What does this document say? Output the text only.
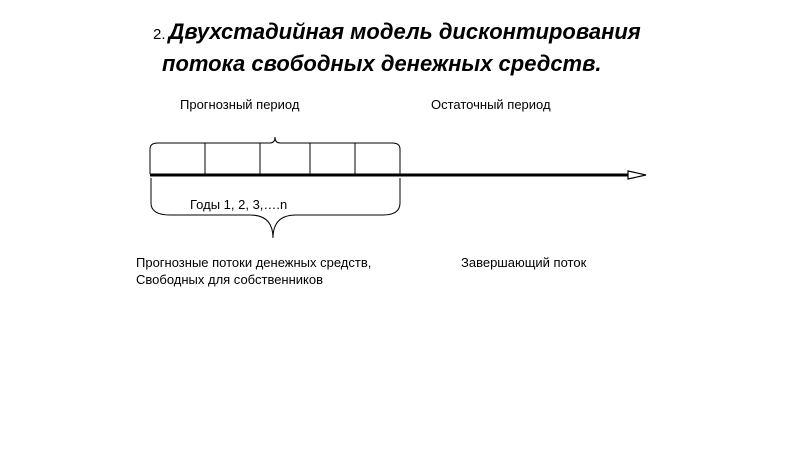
2. Двухстадийная модель дисконтирования
потока свободных денежных средств.
Прогнозный период	Остаточный период
Годы 1, 2, 3,….n
Прогнозные потоки денежных средств,
Свободных для собственников
Завершающий поток
